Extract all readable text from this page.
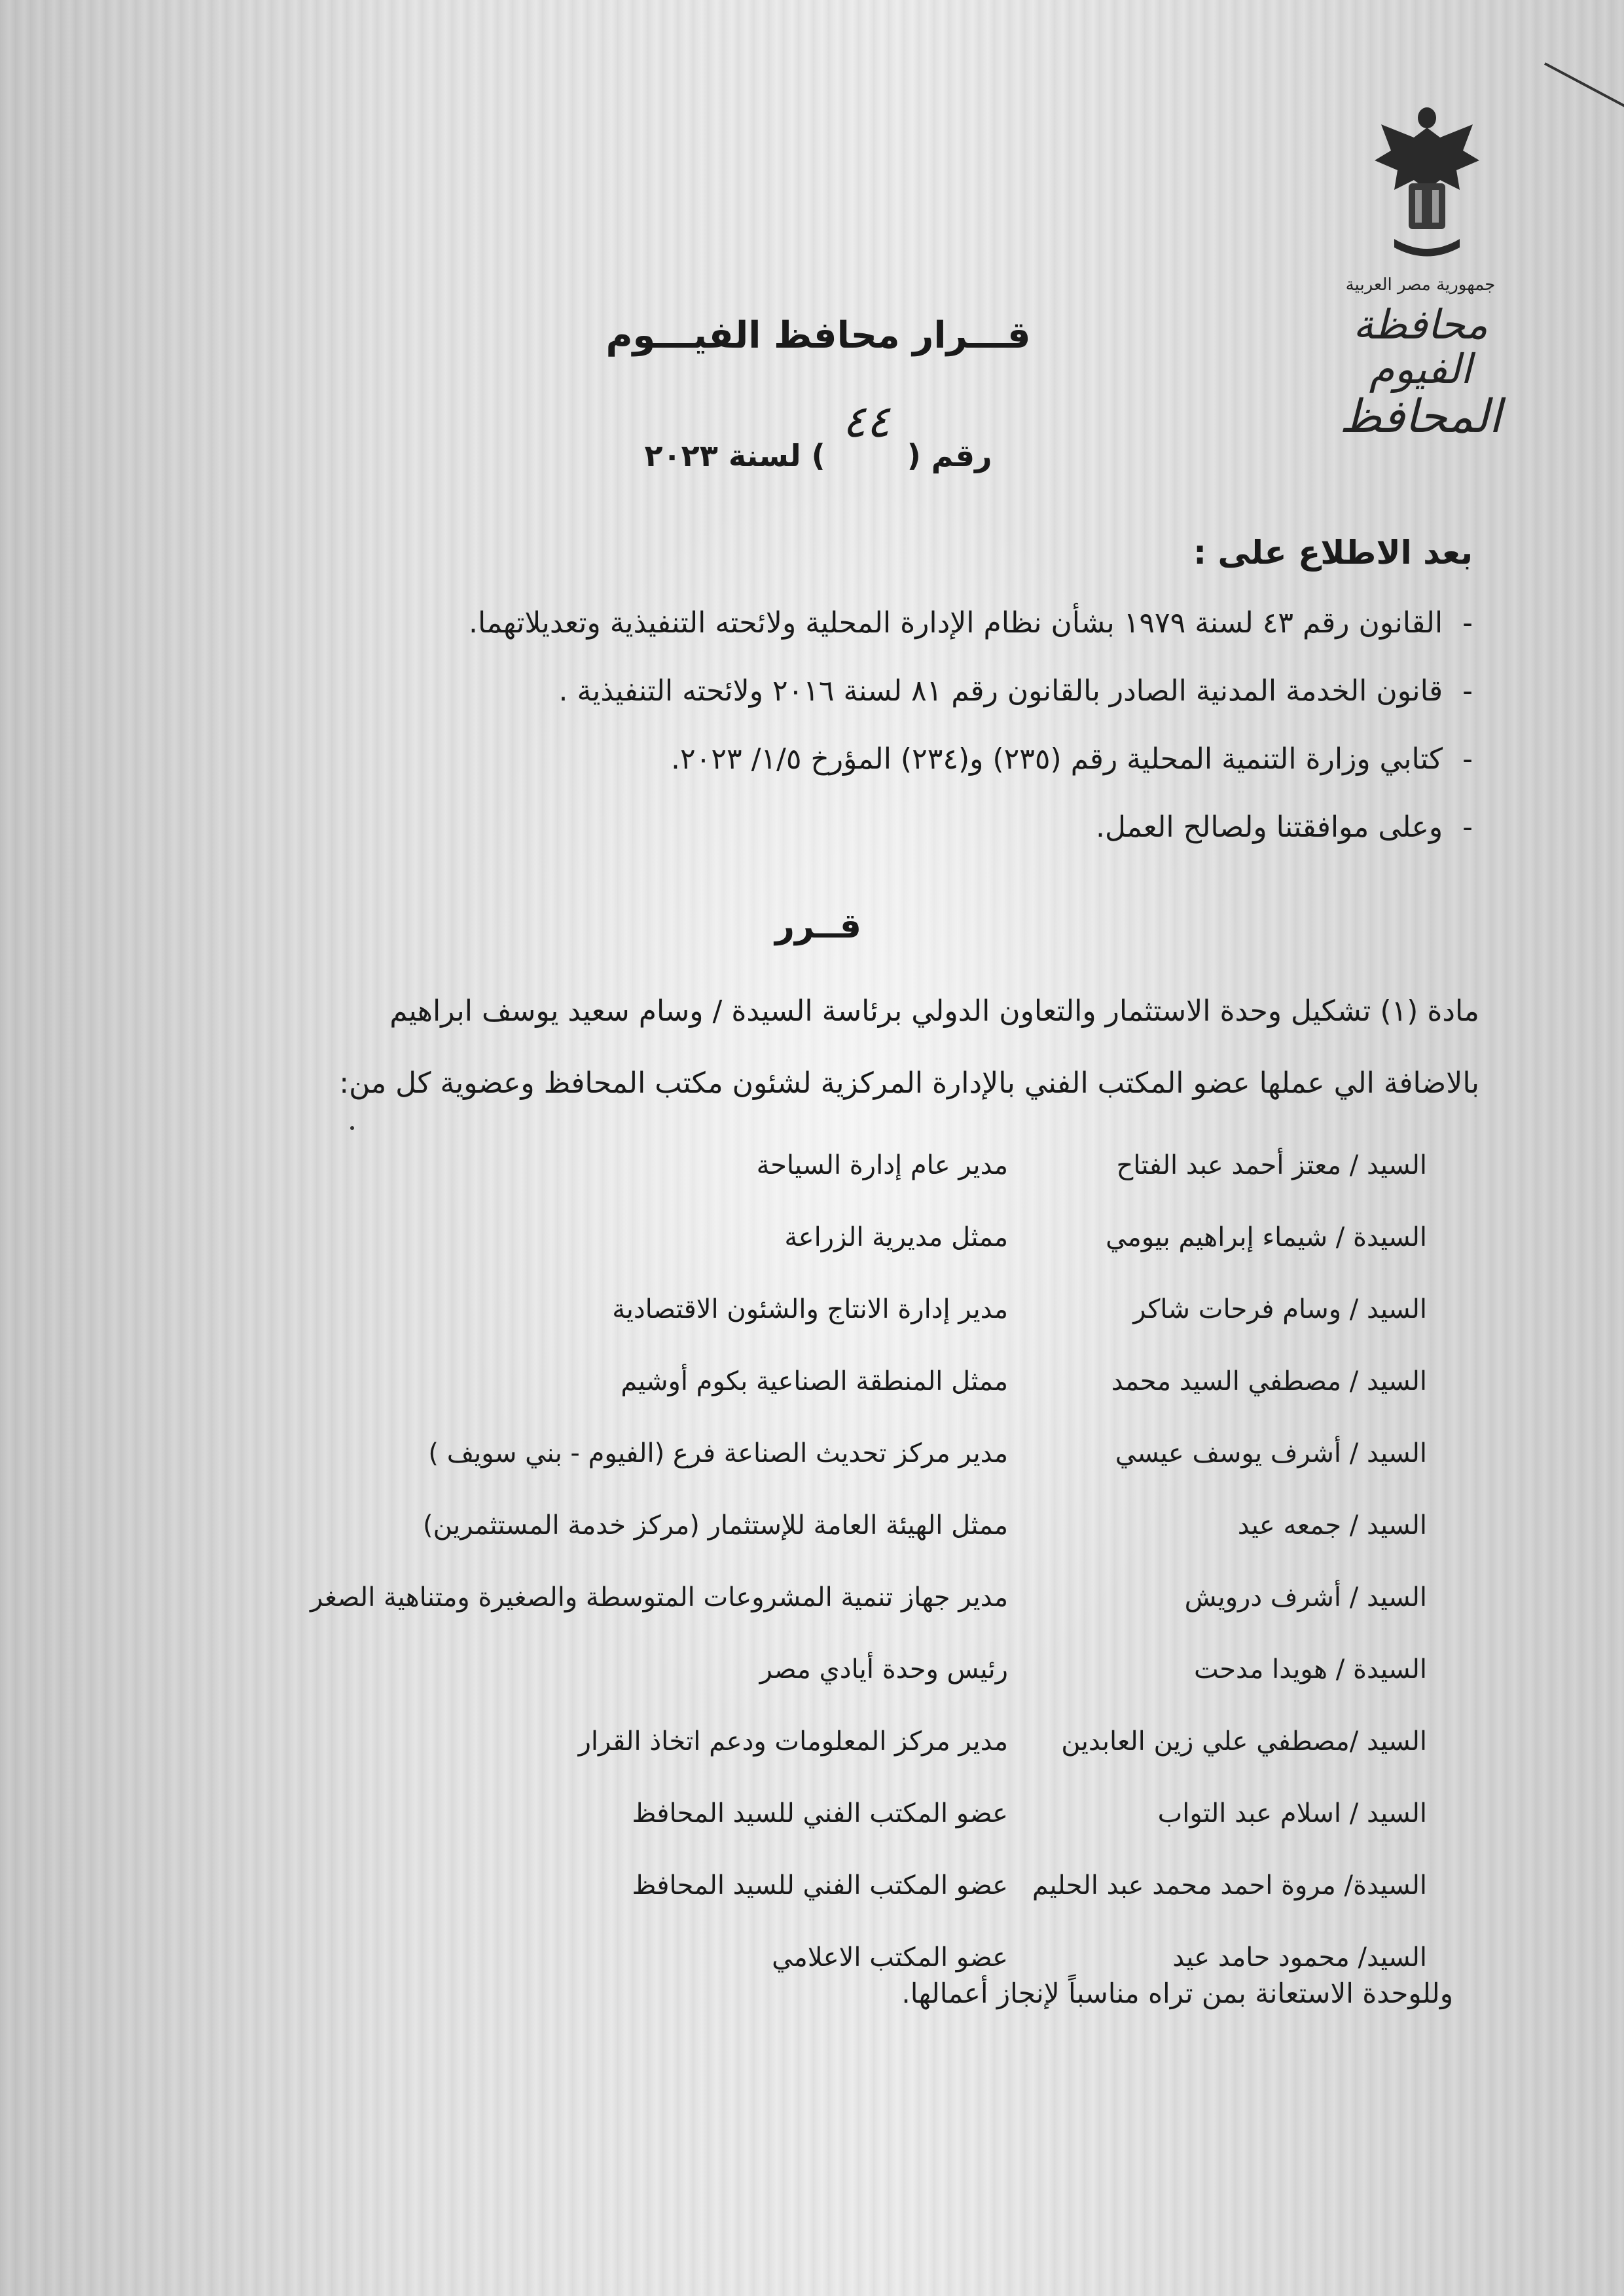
جمهورية مصر العربية
محافظة الفيوم
المحافظ
قـــرار محافظ الفيـــوم
رقم ( ٤٤ ) لسنة ٢٠٢٣
بعد الاطلاع على :
-القانون رقم ٤٣ لسنة ١٩٧٩ بشأن نظام الإدارة المحلية ولائحته التنفيذية وتعديلاتهما.
-قانون الخدمة المدنية الصادر بالقانون رقم ٨١ لسنة ٢٠١٦ ولائحته التنفيذية .
-كتابي وزارة التنمية المحلية رقم (٢٣٥) و(٢٣٤) المؤرخ ١/٥/ ٢٠٢٣.
-وعلى موافقتنا ولصالح العمل.
قــرر

مادة (١) تشكيل وحدة الاستثمار والتعاون الدولي برئاسة السيدة / وسام سعيد يوسف ابراهيم

بالاضافة الي عملها عضو المكتب الفني بالإدارة المركزية لشئون مكتب المحافظ وعضوية كل من:

السيد / معتز أحمد عبد الفتاح
مدير عام إدارة السياحة
السيدة / شيماء إبراهيم بيومي
ممثل مديرية الزراعة
السيد / وسام فرحات شاكر
مدير إدارة الانتاج والشئون الاقتصادية
السيد / مصطفي السيد محمد
ممثل المنطقة الصناعية بكوم أوشيم
السيد / أشرف يوسف عيسي
مدير مركز تحديث الصناعة فرع (الفيوم - بني سويف )
السيد / جمعه عيد
ممثل الهيئة العامة للإستثمار (مركز خدمة المستثمرين)
السيد / أشرف درويش
مدير جهاز تنمية المشروعات المتوسطة والصغيرة ومتناهية الصغر
السيدة / هويدا مدحت
رئيس وحدة أيادي مصر
السيد /مصطفي علي زين العابدين
مدير مركز المعلومات ودعم اتخاذ القرار
السيد / اسلام عبد التواب
عضو المكتب الفني للسيد المحافظ
السيدة/ مروة احمد محمد عبد الحليم
عضو المكتب الفني للسيد المحافظ
السيد/ محمود حامد عيد
عضو المكتب الاعلامي
وللوحدة الاستعانة بمن تراه مناسباً لإنجاز أعمالها.
